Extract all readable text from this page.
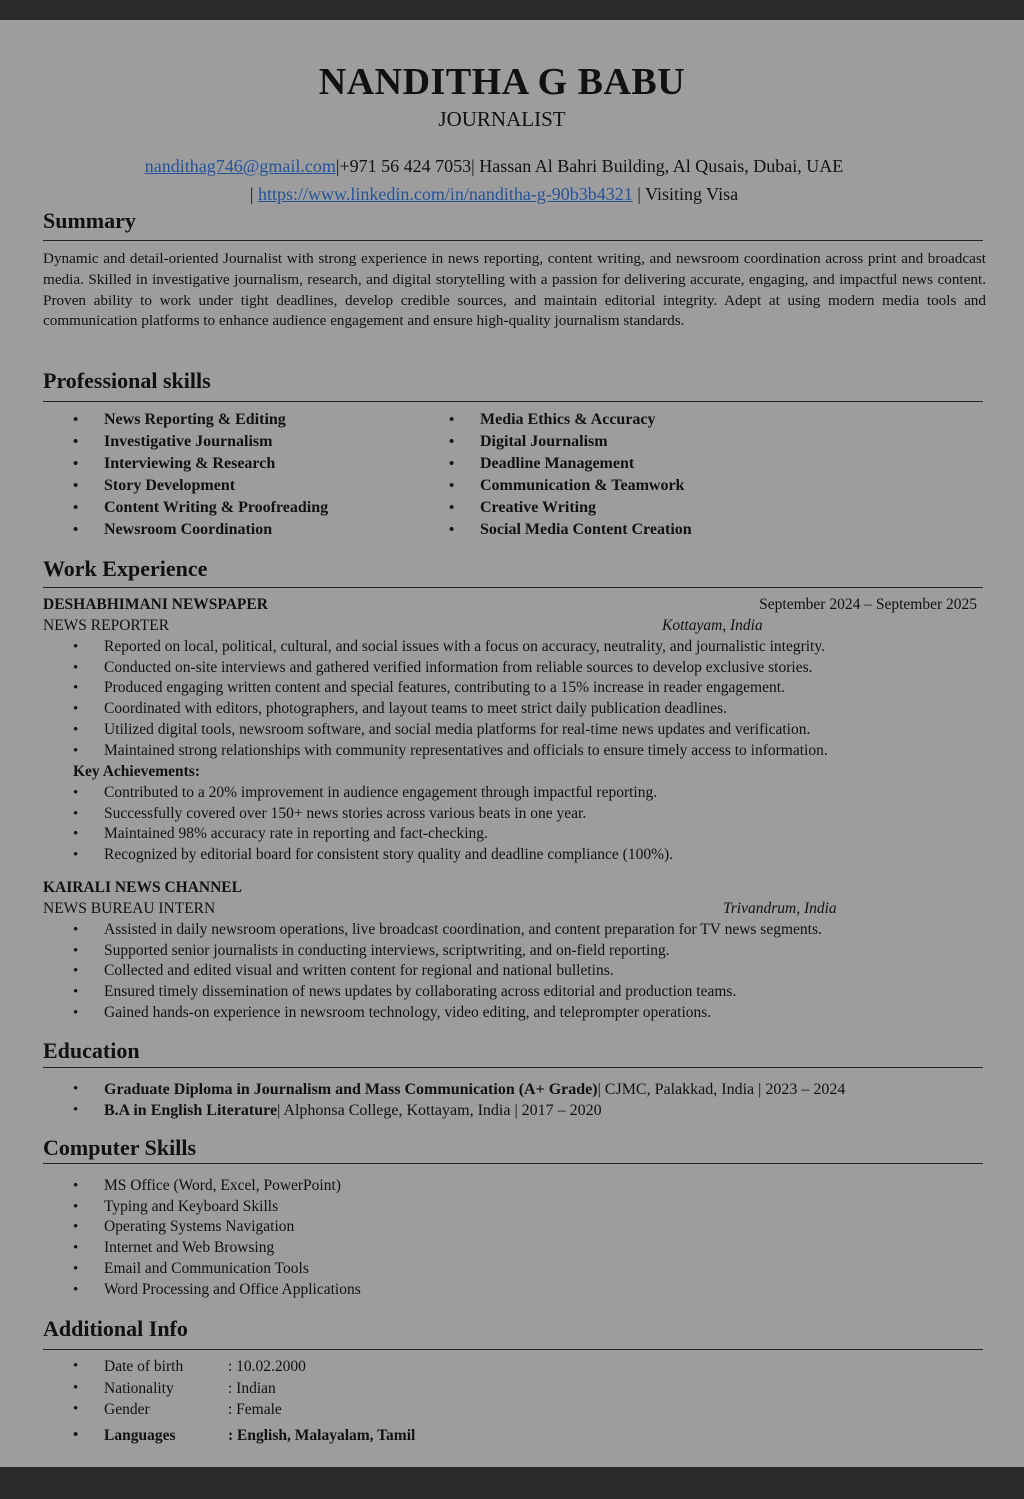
NANDITHA G BABU
JOURNALIST
nandithag746@gmail.com|+971 56 424 7053| Hassan Al Bahri Building, Al Qusais, Dubai, UAE
| https://www.linkedin.com/in/nanditha-g-90b3b4321 | Visiting Visa
Summary
Dynamic and detail-oriented Journalist with strong experience in news reporting, content writing, and newsroom coordination across print and broadcast media. Skilled in investigative journalism, research, and digital storytelling with a passion for delivering accurate, engaging, and impactful news content. Proven ability to work under tight deadlines, develop credible sources, and maintain editorial integrity. Adept at using modern media tools and communication platforms to enhance audience engagement and ensure high-quality journalism standards.
Professional skills
• News Reporting & Editing
• Investigative Journalism
• Interviewing & Research
• Story Development
• Content Writing & Proofreading
• Newsroom Coordination
• Media Ethics & Accuracy
• Digital Journalism
• Deadline Management
• Communication & Teamwork
• Creative Writing
• Social Media Content Creation
Work Experience
DESHABHIMANI NEWSPAPER	September 2024 – September 2025
NEWS REPORTER	Kottayam, India
• Reported on local, political, cultural, and social issues with a focus on accuracy, neutrality, and journalistic integrity.
• Conducted on-site interviews and gathered verified information from reliable sources to develop exclusive stories.
• Produced engaging written content and special features, contributing to a 15% increase in reader engagement.
• Coordinated with editors, photographers, and layout teams to meet strict daily publication deadlines.
• Utilized digital tools, newsroom software, and social media platforms for real-time news updates and verification.
• Maintained strong relationships with community representatives and officials to ensure timely access to information.
Key Achievements:
• Contributed to a 20% improvement in audience engagement through impactful reporting.
• Successfully covered over 150+ news stories across various beats in one year.
• Maintained 98% accuracy rate in reporting and fact-checking.
• Recognized by editorial board for consistent story quality and deadline compliance (100%).
KAIRALI NEWS CHANNEL
NEWS BUREAU INTERN	Trivandrum, India
• Assisted in daily newsroom operations, live broadcast coordination, and content preparation for TV news segments.
• Supported senior journalists in conducting interviews, scriptwriting, and on-field reporting.
• Collected and edited visual and written content for regional and national bulletins.
• Ensured timely dissemination of news updates by collaborating across editorial and production teams.
• Gained hands-on experience in newsroom technology, video editing, and teleprompter operations.
Education
• Graduate Diploma in Journalism and Mass Communication (A+ Grade)| CJMC, Palakkad, India | 2023 – 2024
• B.A in English Literature| Alphonsa College, Kottayam, India | 2017 – 2020
Computer Skills
• MS Office (Word, Excel, PowerPoint)
• Typing and Keyboard Skills
• Operating Systems Navigation
• Internet and Web Browsing
• Email and Communication Tools
• Word Processing and Office Applications
Additional Info
• Date of birth	: 10.02.2000
• Nationality	: Indian
• Gender	: Female
• Languages	: English, Malayalam, Tamil
